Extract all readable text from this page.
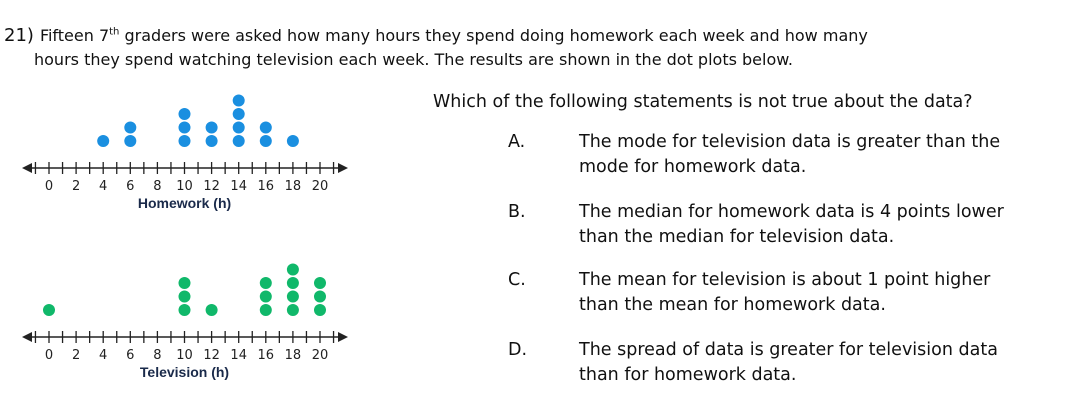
21) Fifteen 7th graders were asked how many hours they spend doing homework each week and how many
hours they spend watching television each week. The results are shown in the dot plots below.
0 2 4 6 8 10 12 14 16 18 20
Homework (h)
0 2 4 6 8 10 12 14 16 18 20
Television (h)
Which of the following statements is not true about the data?
A.	The mode for television data is greater than the
mode for homework data.
B.	The median for homework data is 4 points lower
than the median for television data.
C.	The mean for television is about 1 point higher
than the mean for homework data.
D.	The spread of data is greater for television data
than for homework data.
